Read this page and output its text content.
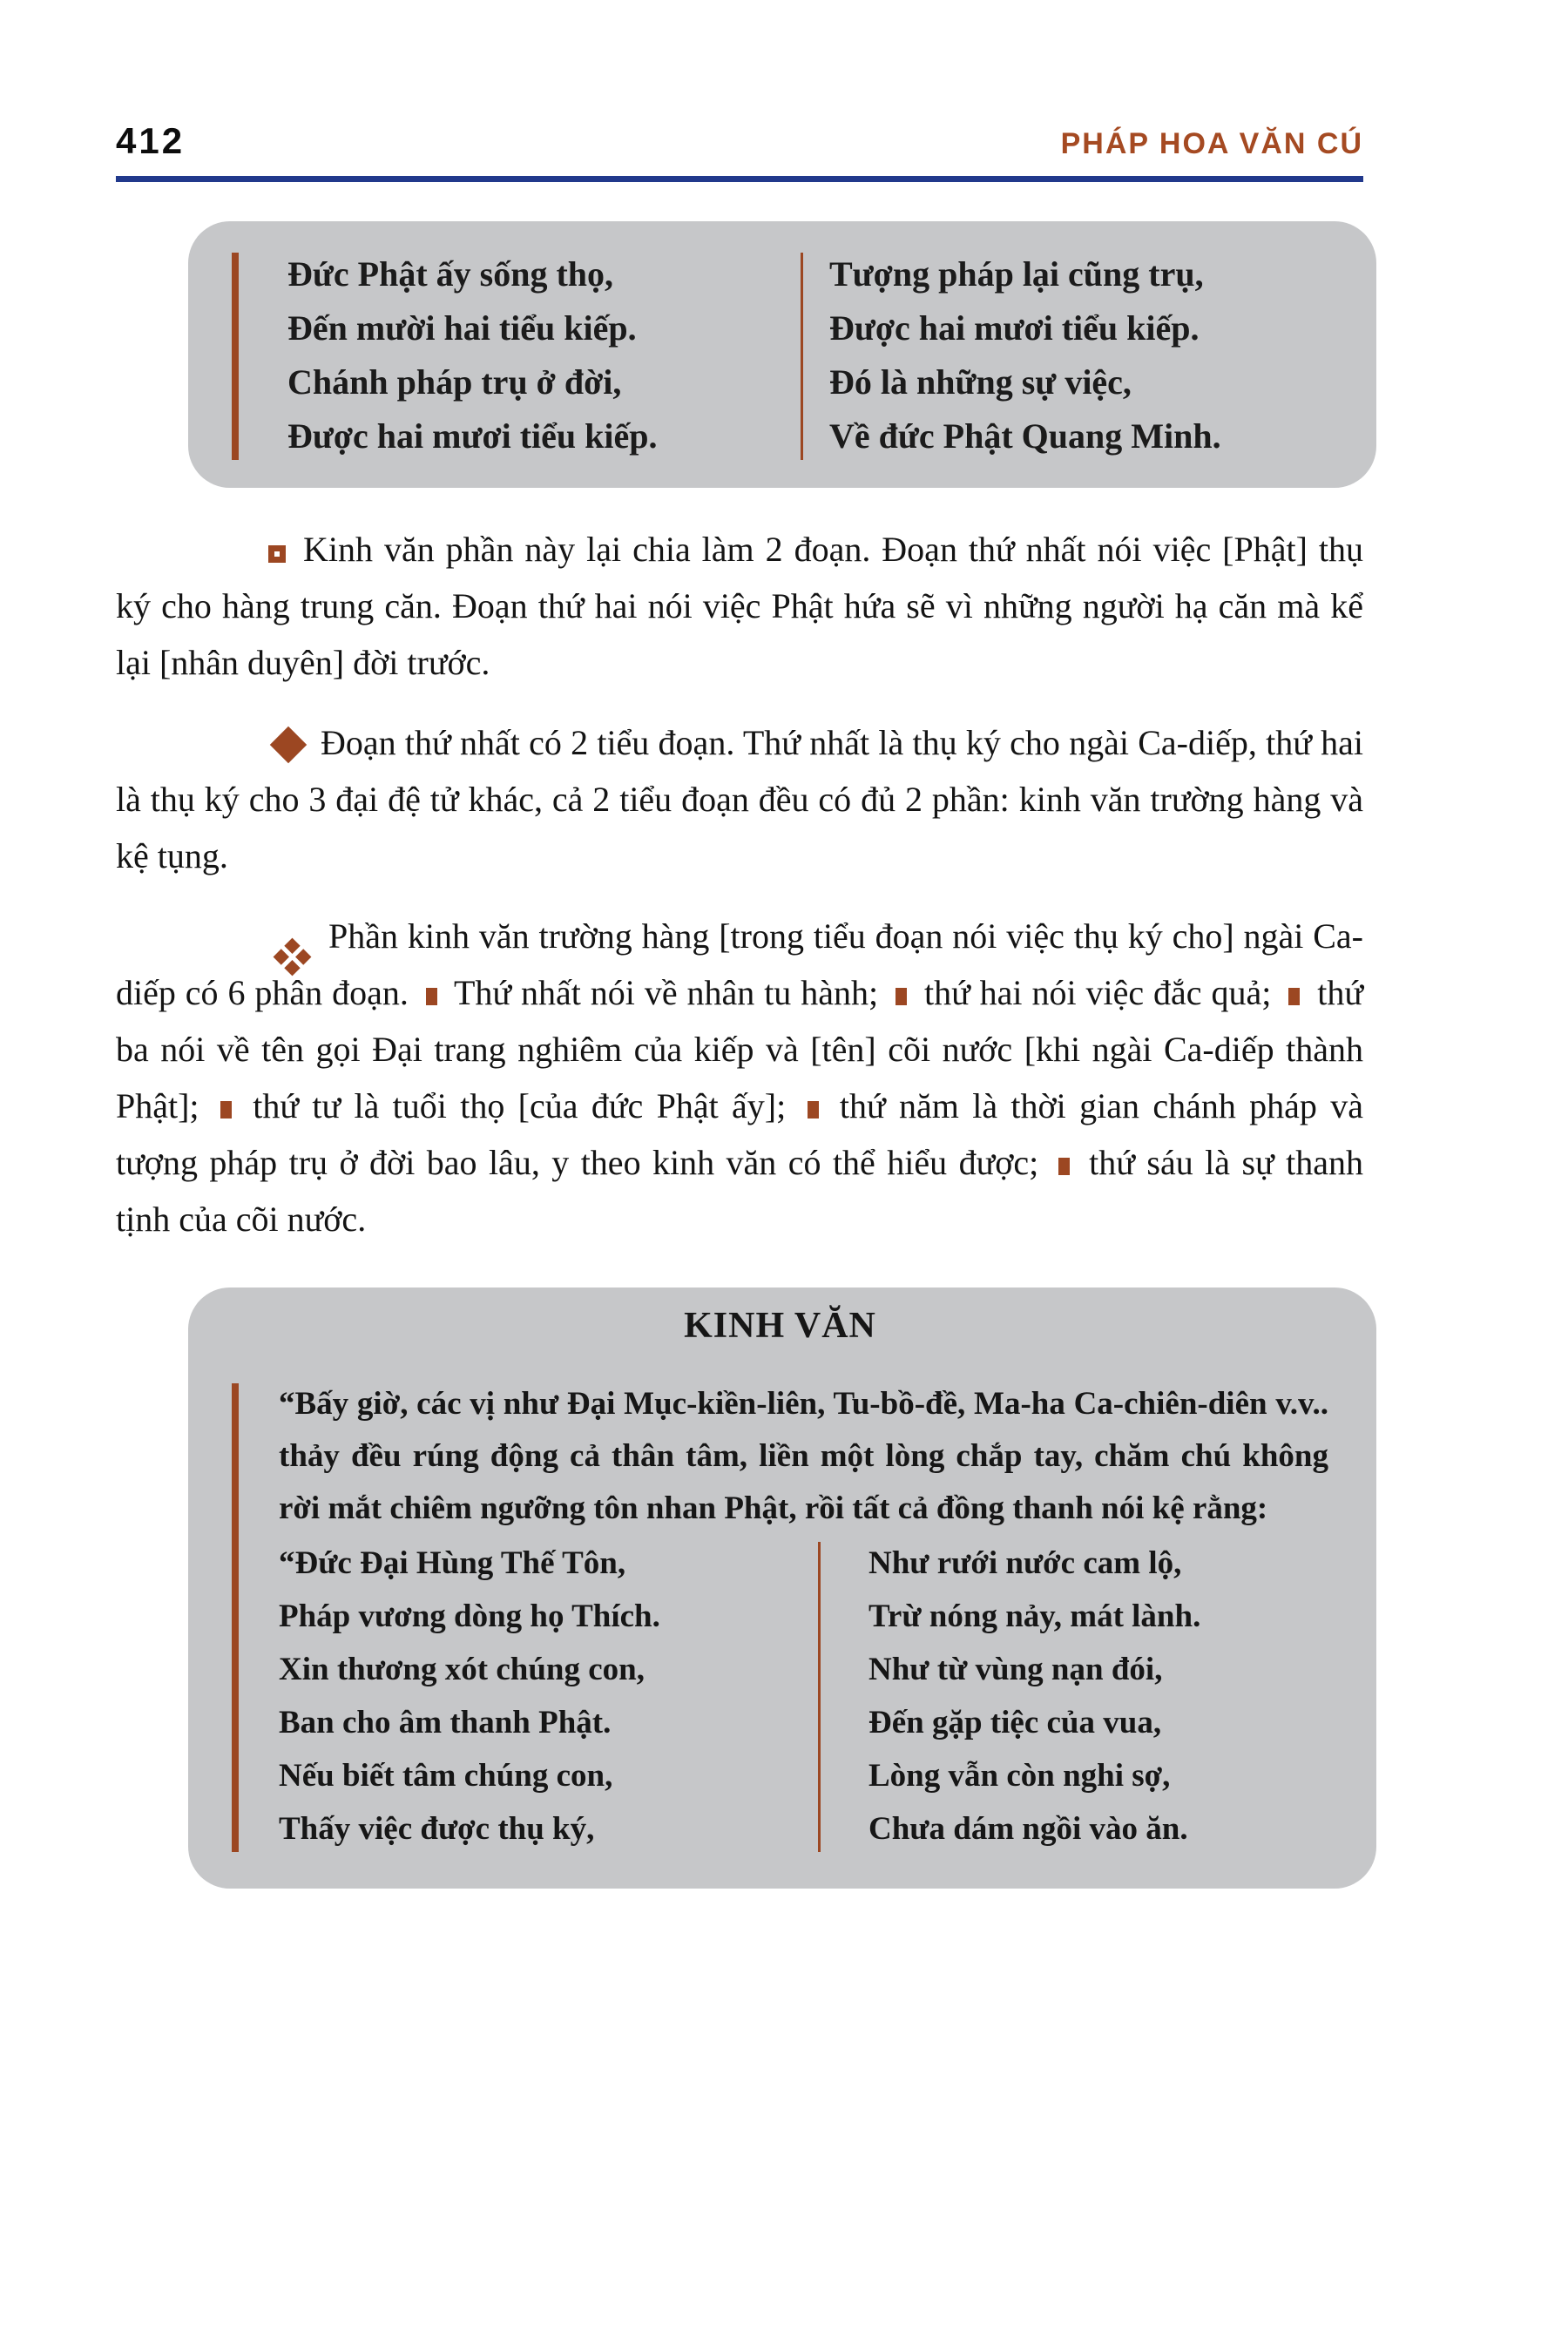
412	PHÁP HOA VĂN CÚ
Đức Phật ấy sống thọ,
Đến mười hai tiểu kiếp.
Chánh pháp trụ ở đời,
Được hai mươi tiểu kiếp.
Tượng pháp lại cũng trụ,
Được hai mươi tiểu kiếp.
Đó là những sự việc,
Về đức Phật Quang Minh.

Kinh văn phần này lại chia làm 2 đoạn. Đoạn thứ nhất nói việc [Phật] thụ ký cho hàng trung căn. Đoạn thứ hai nói việc Phật hứa sẽ vì những người hạ căn mà kể lại [nhân duyên] đời trước.

Đoạn thứ nhất có 2 tiểu đoạn. Thứ nhất là thụ ký cho ngài Ca-diếp, thứ hai là thụ ký cho 3 đại đệ tử khác, cả 2 tiểu đoạn đều có đủ 2 phần: kinh văn trường hàng và kệ tụng.

Phần kinh văn trường hàng [trong tiểu đoạn nói việc thụ ký cho] ngài Ca-diếp có 6 phân đoạn.  Thứ nhất nói về nhân tu hành;  thứ hai nói việc đắc quả;  thứ ba nói về tên gọi Đại trang nghiêm của kiếp và [tên] cõi nước [khi ngài Ca-diếp thành Phật];  thứ tư là tuổi thọ [của đức Phật ấy];  thứ năm là thời gian chánh pháp và tượng pháp trụ ở đời bao lâu, y theo kinh văn có thể hiểu được;  thứ sáu là sự thanh tịnh của cõi nước.

KINH VĂN
“Bấy giờ, các vị như Đại Mục-kiền-liên, Tu-bồ-đề, Ma-ha Ca-chiên-diên v.v.. thảy đều rúng động cả thân tâm, liền một lòng chắp tay, chăm chú không rời mắt chiêm ngưỡng tôn nhan Phật, rồi tất cả đồng thanh nói kệ rằng:
“Đức Đại Hùng Thế Tôn,
Pháp vương dòng họ Thích.
Xin thương xót chúng con,
Ban cho âm thanh Phật.
Nếu biết tâm chúng con,
Thấy việc được thụ ký,
Như rưới nước cam lộ,
Trừ nóng nảy, mát lành.
Như từ vùng nạn đói,
Đến gặp tiệc của vua,
Lòng vẫn còn nghi sợ,
Chưa dám ngồi vào ăn.
